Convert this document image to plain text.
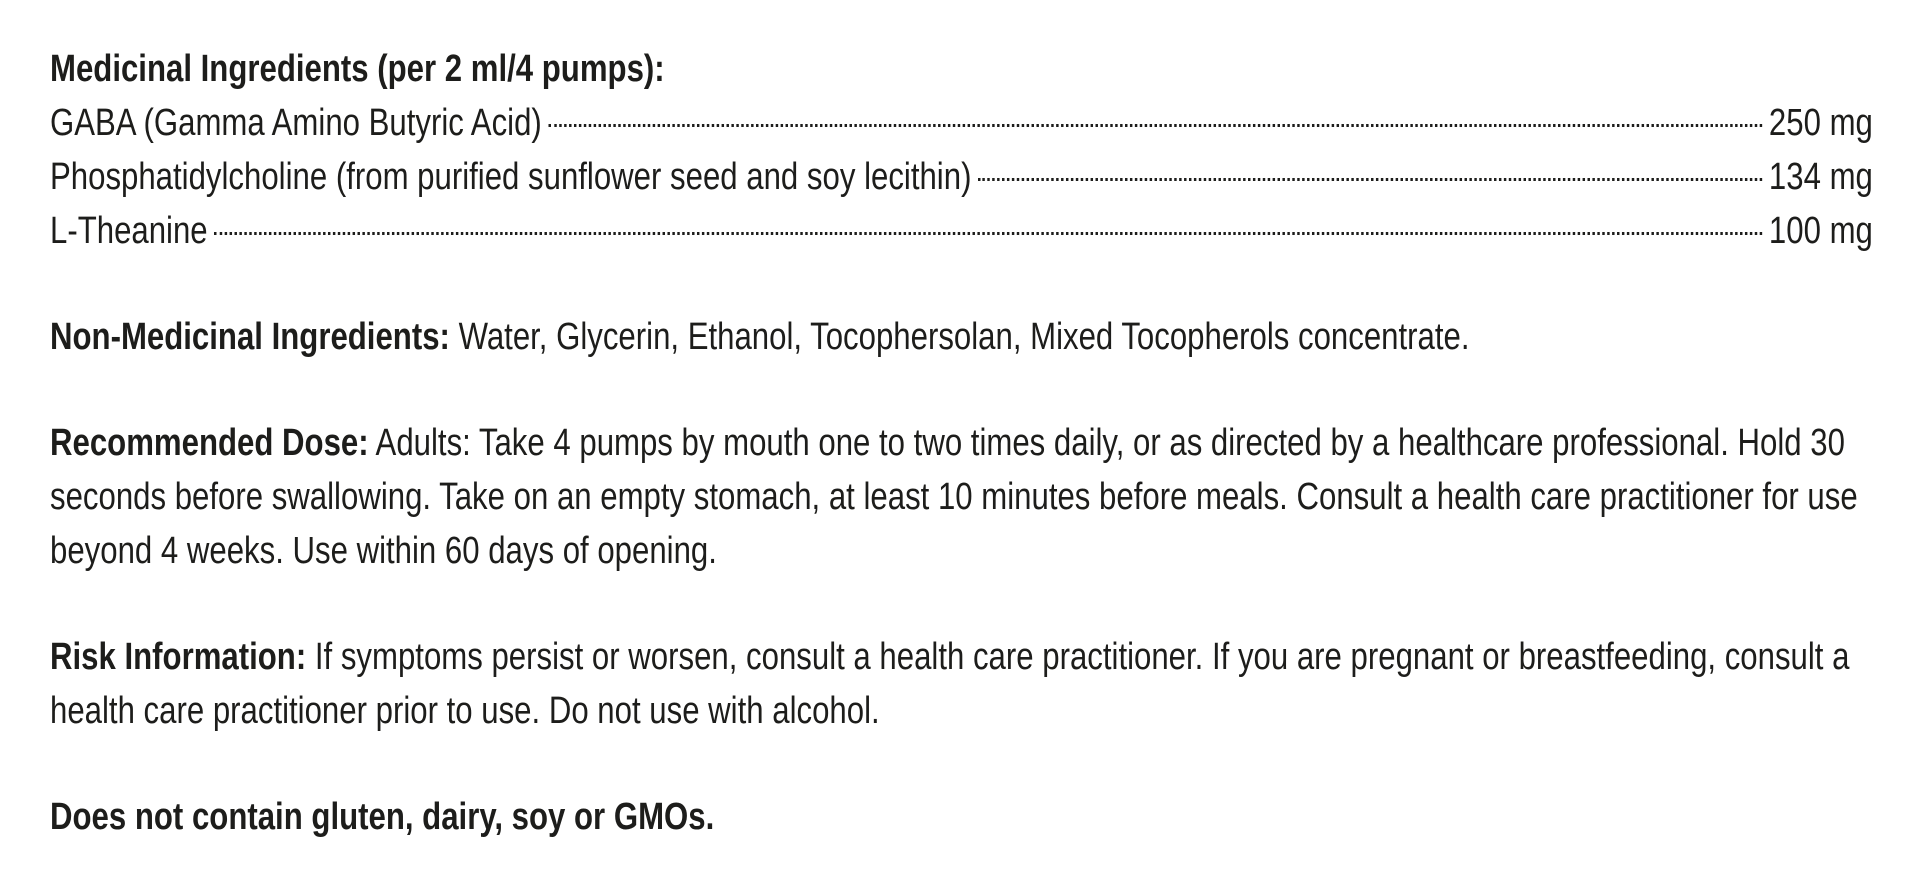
Medicinal Ingredients (per 2 ml/4 pumps):
GABA (Gamma Amino Butyric Acid)	250 mg
Phosphatidylcholine (from purified sunflower seed and soy lecithin)	134 mg
L-Theanine	100 mg

Non-Medicinal Ingredients: Water, Glycerin, Ethanol, Tocophersolan, Mixed Tocopherols concentrate.

Recommended Dose: Adults: Take 4 pumps by mouth one to two times daily, or as directed by a healthcare professional. Hold 30 seconds before swallowing. Take on an empty stomach, at least 10 minutes before meals. Consult a health care practitioner for use beyond 4 weeks. Use within 60 days of opening.

Risk Information: If symptoms persist or worsen, consult a health care practitioner. If you are pregnant or breastfeeding, consult a health care practitioner prior to use. Do not use with alcohol.

Does not contain gluten, dairy, soy or GMOs.
